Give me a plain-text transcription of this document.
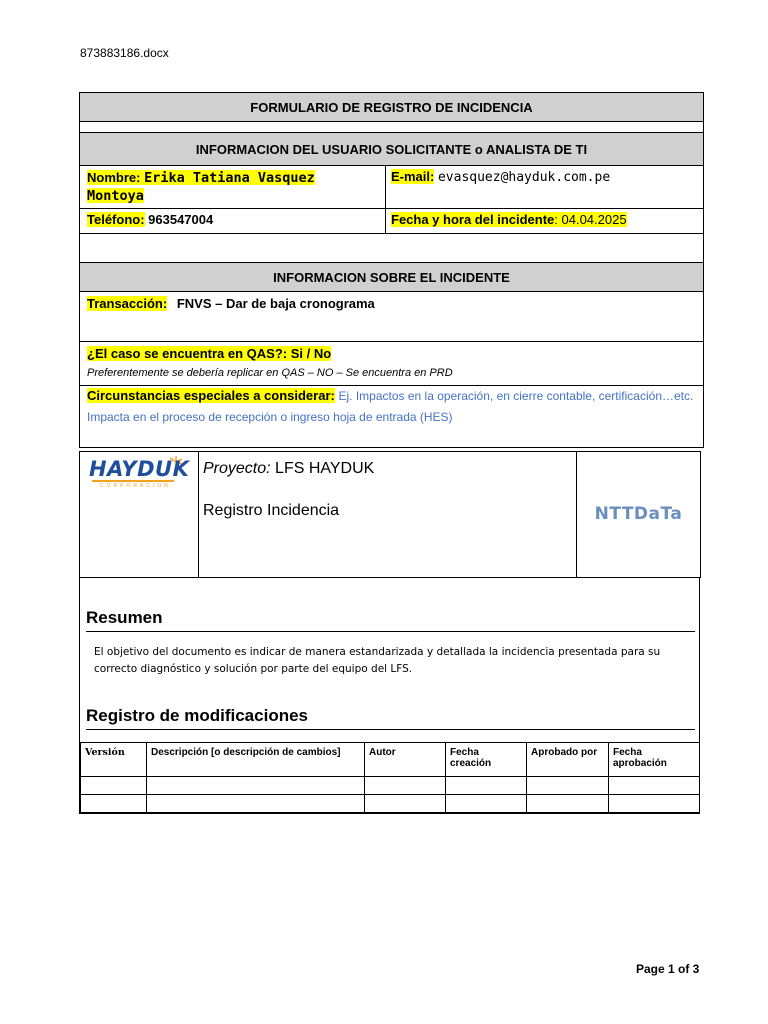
873883186.docx
FORMULARIO DE REGISTRO DE INCIDENCIA	

INFORMACION DEL USUARIO SOLICITANTE o ANALISTA DE TI	
Nombre: Erika Tatiana Vasquez Montoya	E-mail: evasquez@hayduk.com.pe
Teléfono: 963547004	Fecha y hora del incidente: 04.04.2025

INFORMACION SOBRE EL INCIDENTE	
Transacción: FNVS – Dar de baja cronograma	

¿El caso se encuentra en QAS?: Si / No
Preferentemente se debería replicar en QAS – NO – Se encuentra en PRD	

Circunstancias especiales a considerar: Ej. Impactos en la operación, en cierre contable, certificación…etc.
Impacta en el proceso de recepción o ingreso hoja de entrada (HES)	
HAYDUK
CORPORACION

Proyecto: LFS HAYDUK
Registro Incidencia	NTTDaTa
Resumen
El objetivo del documento es indicar de manera estandarizada y detallada la incidencia presentada para su correcto diagnóstico y solución por parte del equipo del LFS.
Registro de modificaciones
Versión	Descripción [o descripción de cambios]	Autor	Fecha creación	Aprobado por	Fecha aprobación

Page 1 of 3
